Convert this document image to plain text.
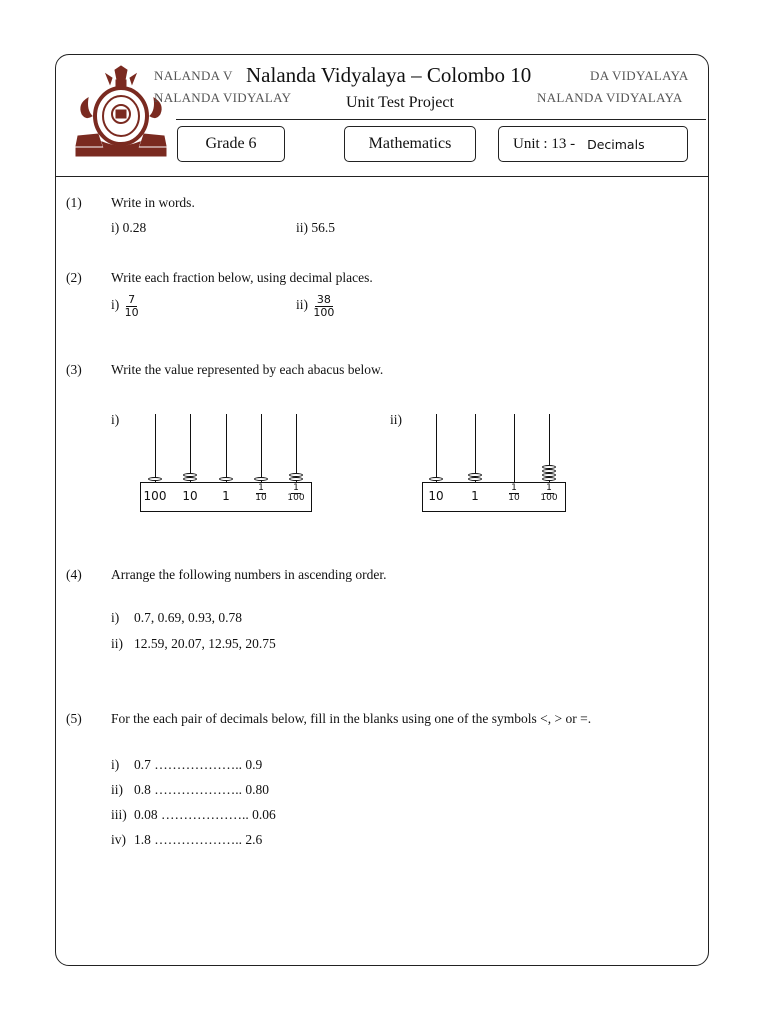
NALANDA V	DA VIDYALAYA
NALANDA VIDYALAY	NALANDA VIDYALAYA
Nalanda Vidyalaya – Colombo 10
Unit Test Project
Grade 6	Mathematics	Unit : 13 - Decimals
(1) Write in words.
i) 0.28	ii) 56.5
(2) Write each fraction below, using decimal places.
$i) \frac{7}{10}$	$ii) \frac{38}{100}$
(3) Write the value represented by each abacus below.
i)	ii)
100	10	1	$\frac{1}{10} \frac{1}{100}$	10	1	$\frac{1}{10} \frac{1}{100}$
(4) Arrange the following numbers in ascending order.
i) 0.7, 0.69, 0.93, 0.78
ii) 12.59, 20.07, 12.95, 20.75
(5) For the each pair of decimals below, fill in the blanks using one of the symbols <, > or =.
i) 0.7 ……………….. 0.9
ii) 0.8 ……………….. 0.80
iii) 0.08 ……………….. 0.06
iv) 1.8 ……………….. 2.6
